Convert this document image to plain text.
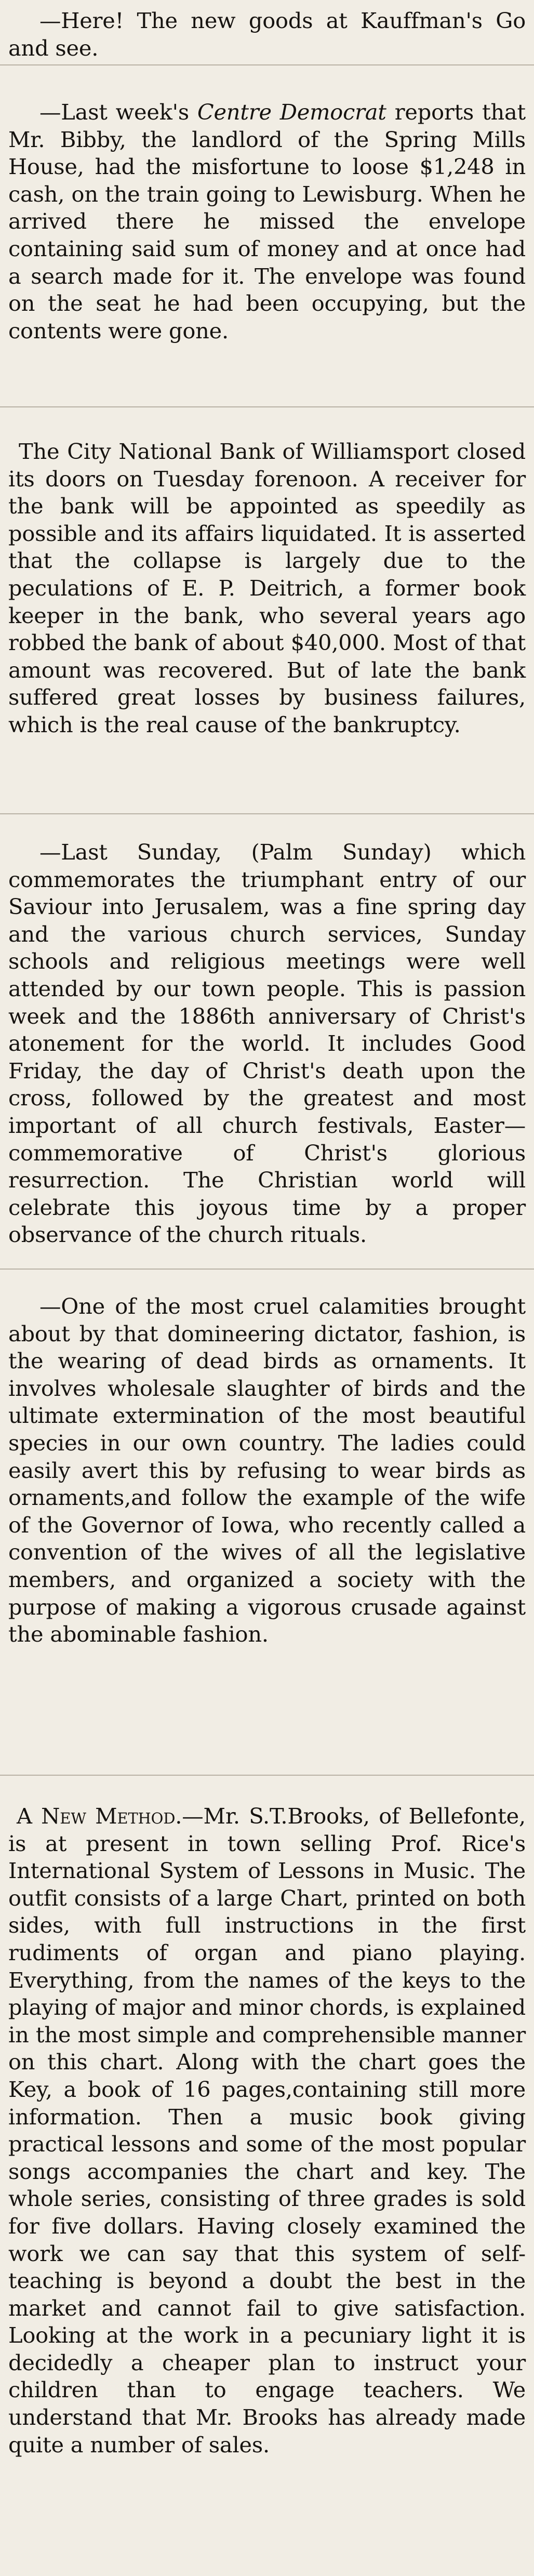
—Here! The new goods at Kauffman's Go and see.

—Last week's Centre Democrat reports that Mr. Bibby, the landlord of the Spring Mills House, had the misfortune to loose $1,248 in cash, on the train going to Lewisburg. When he arrived there he missed the envelope containing said sum of money and at once had a search made for it. The envelope was found on the seat he had been occupying, but the contents were gone.

The City National Bank of Williamsport closed its doors on Tuesday forenoon. A receiver for the bank will be appointed as speedily as possible and its affairs liquidated. It is asserted that the collapse is largely due to the peculations of E. P. Deitrich, a former book keeper in the bank, who several years ago robbed the bank of about $40,000. Most of that amount was recovered. But of late the bank suffered great losses by business failures, which is the real cause of the bankruptcy.

—Last Sunday, (Palm Sunday) which commemorates the triumphant entry of our Saviour into Jerusalem, was a fine spring day and the various church services, Sunday schools and religious meetings were well attended by our town people. This is passion week and the 1886th anniversary of Christ's atonement for the world. It includes Good Friday, the day of Christ's death upon the cross, followed by the greatest and most important of all church festivals, Easter—commemorative of Christ's glorious resurrection. The Christian world will celebrate this joyous time by a proper observance of the church rituals.

—One of the most cruel calamities brought about by that domineering dictator, fashion, is the wearing of dead birds as ornaments. It involves wholesale slaughter of birds and the ultimate extermination of the most beautiful species in our own country. The ladies could easily avert this by refusing to wear birds as ornaments,and follow the example of the wife of the Governor of Iowa, who recently called a convention of the wives of all the legislative members, and organized a society with the purpose of making a vigorous crusade against the abominable fashion.

A New Method.—Mr. S.T.Brooks, of Bellefonte, is at present in town selling Prof. Rice's International System of Lessons in Music. The outfit consists of a large Chart, printed on both sides, with full instructions in the first rudiments of organ and piano playing. Everything, from the names of the keys to the playing of major and minor chords, is explained in the most simple and comprehensible manner on this chart. Along with the chart goes the Key, a book of 16 pages,containing still more information. Then a music book giving practical lessons and some of the most popular songs accompanies the chart and key. The whole series, consisting of three grades is sold for five dollars. Having closely examined the work we can say that this system of self-teaching is beyond a doubt the best in the market and cannot fail to give satisfaction. Looking at the work in a pecuniary light it is decidedly a cheaper plan to instruct your children than to engage teachers. We understand that Mr. Brooks has already made quite a number of sales.
